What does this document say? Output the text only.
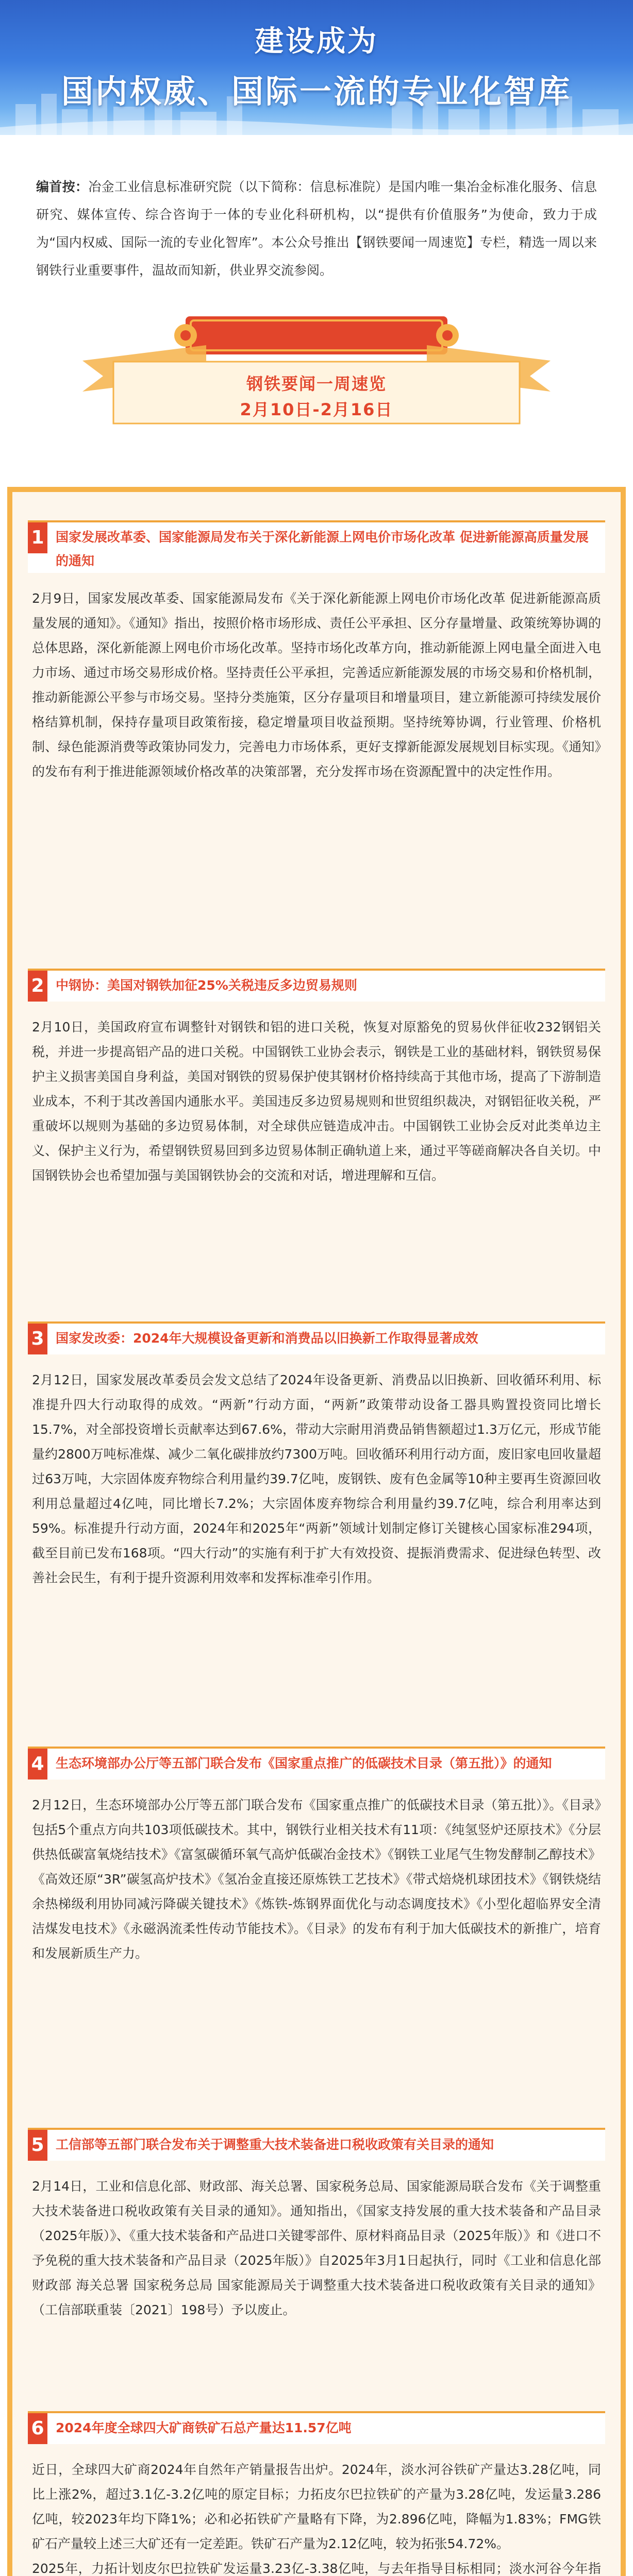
建设成为
国内权威、国际一流的专业化智库
编首按：冶金工业信息标准研究院（以下简称：信息标准院）是国内唯一集冶金标准化服务、信息研究、媒体宣传、综合咨询于一体的专业化科研机构，以“提供有价值服务”为使命，致力于成为“国内权威、国际一流的专业化智库”。本公众号推出【钢铁要闻一周速览】专栏，精选一周以来钢铁行业重要事件，温故而知新，供业界交流参阅。
钢铁要闻一周速览
2月10日-2月16日
1 国家发展改革委、国家能源局发布关于深化新能源上网电价市场化改革 促进新能源高质量发展的通知

2月9日，国家发展改革委、国家能源局发布《关于深化新能源上网电价市场化改革 促进新能源高质量发展的通知》。《通知》指出，按照价格市场形成、责任公平承担、区分存量增量、政策统筹协调的总体思路，深化新能源上网电价市场化改革。坚持市场化改革方向，推动新能源上网电量全面进入电力市场、通过市场交易形成价格。坚持责任公平承担，完善适应新能源发展的市场交易和价格机制，推动新能源公平参与市场交易。坚持分类施策，区分存量项目和增量项目，建立新能源可持续发展价格结算机制，保持存量项目政策衔接，稳定增量项目收益预期。坚持统筹协调，行业管理、价格机制、绿色能源消费等政策协同发力，完善电力市场体系，更好支撑新能源发展规划目标实现。《通知》的发布有利于推进能源领域价格改革的决策部署，充分发挥市场在资源配置中的决定性作用。

2 中钢协：美国对钢铁加征25%关税违反多边贸易规则

2月10日，美国政府宣布调整针对钢铁和铝的进口关税，恢复对原豁免的贸易伙伴征收232钢铝关税，并进一步提高铝产品的进口关税。中国钢铁工业协会表示，钢铁是工业的基础材料，钢铁贸易保护主义损害美国自身利益，美国对钢铁的贸易保护使其钢材价格持续高于其他市场，提高了下游制造业成本，不利于其改善国内通胀水平。美国违反多边贸易规则和世贸组织裁决，对钢铝征收关税，严重破坏以规则为基础的多边贸易体制，对全球供应链造成冲击。中国钢铁工业协会反对此类单边主义、保护主义行为，希望钢铁贸易回到多边贸易体制正确轨道上来，通过平等磋商解决各自关切。中国钢铁协会也希望加强与美国钢铁协会的交流和对话，增进理解和互信。

3 国家发改委：2024年大规模设备更新和消费品以旧换新工作取得显著成效

2月12日，国家发展改革委员会发文总结了2024年设备更新、消费品以旧换新、回收循环利用、标准提升四大行动取得的成效。“两新”行动方面，“两新”政策带动设备工器具购置投资同比增长15.7%，对全部投资增长贡献率达到67.6%，带动大宗耐用消费品销售额超过1.3万亿元，形成节能量约2800万吨标准煤、减少二氧化碳排放约7300万吨。回收循环利用行动方面，废旧家电回收量超过63万吨，大宗固体废弃物综合利用量约39.7亿吨，废钢铁、废有色金属等10种主要再生资源回收利用总量超过4亿吨，同比增长7.2%；大宗固体废弃物综合利用量约39.7亿吨，综合利用率达到59%。标准提升行动方面，2024年和2025年“两新”领域计划制定修订关键核心国家标准294项，截至目前已发布168项。“四大行动”的实施有利于扩大有效投资、提振消费需求、促进绿色转型、改善社会民生，有利于提升资源利用效率和发挥标准牵引作用。

4 生态环境部办公厅等五部门联合发布《国家重点推广的低碳技术目录（第五批）》的通知

2月12日，生态环境部办公厅等五部门联合发布《国家重点推广的低碳技术目录（第五批）》。《目录》包括5个重点方向共103项低碳技术。其中，钢铁行业相关技术有11项：《纯氢竖炉还原技术》《分层供热低碳富氧烧结技术》《富氢碳循环氧气高炉低碳冶金技术》《钢铁工业尾气生物发酵制乙醇技术》《高效还原“3R”碳氢高炉技术》《氢冶金直接还原炼铁工艺技术》《带式焙烧机球团技术》《钢铁烧结余热梯级利用协同减污降碳关键技术》《炼铁-炼钢界面优化与动态调度技术》《小型化超临界安全清洁煤发电技术》《永磁涡流柔性传动节能技术》。《目录》的发布有利于加大低碳技术的新推广，培育和发展新质生产力。

5 工信部等五部门联合发布关于调整重大技术装备进口税收政策有关目录的通知

2月14日，工业和信息化部、财政部、海关总署、国家税务总局、国家能源局联合发布《关于调整重大技术装备进口税收政策有关目录的通知》。通知指出，《国家支持发展的重大技术装备和产品目录（2025年版）》、《重大技术装备和产品进口关键零部件、原材料商品目录（2025年版）》和《进口不予免税的重大技术装备和产品目录（2025年版）》自2025年3月1日起执行，同时《工业和信息化部 财政部 海关总署 国家税务总局 国家能源局关于调整重大技术装备进口税收政策有关目录的通知》（工信部联重装〔2021〕198号）予以废止。

6 2024年度全球四大矿商铁矿石总产量达11.57亿吨

近日，全球四大矿商2024年自然年产销量报告出炉。2024年，淡水河谷铁矿产量达3.28亿吨，同比上涨2%，超过3.1亿-3.2亿吨的原定目标；力拓皮尔巴拉铁矿的产量为3.28亿吨，发运量3.286亿吨，较2023年均下降1%；必和必拓铁矿产量略有下降，为2.896亿吨，降幅为1.83%；FMG铁矿石产量较上述三大矿还有一定差距。铁矿石产量为2.12亿吨，较为拓张54.72%。
2025年，力拓计划皮尔巴拉铁矿发运量3.23亿-3.38亿吨，与去年指导目标相同；淡水河谷今年指
